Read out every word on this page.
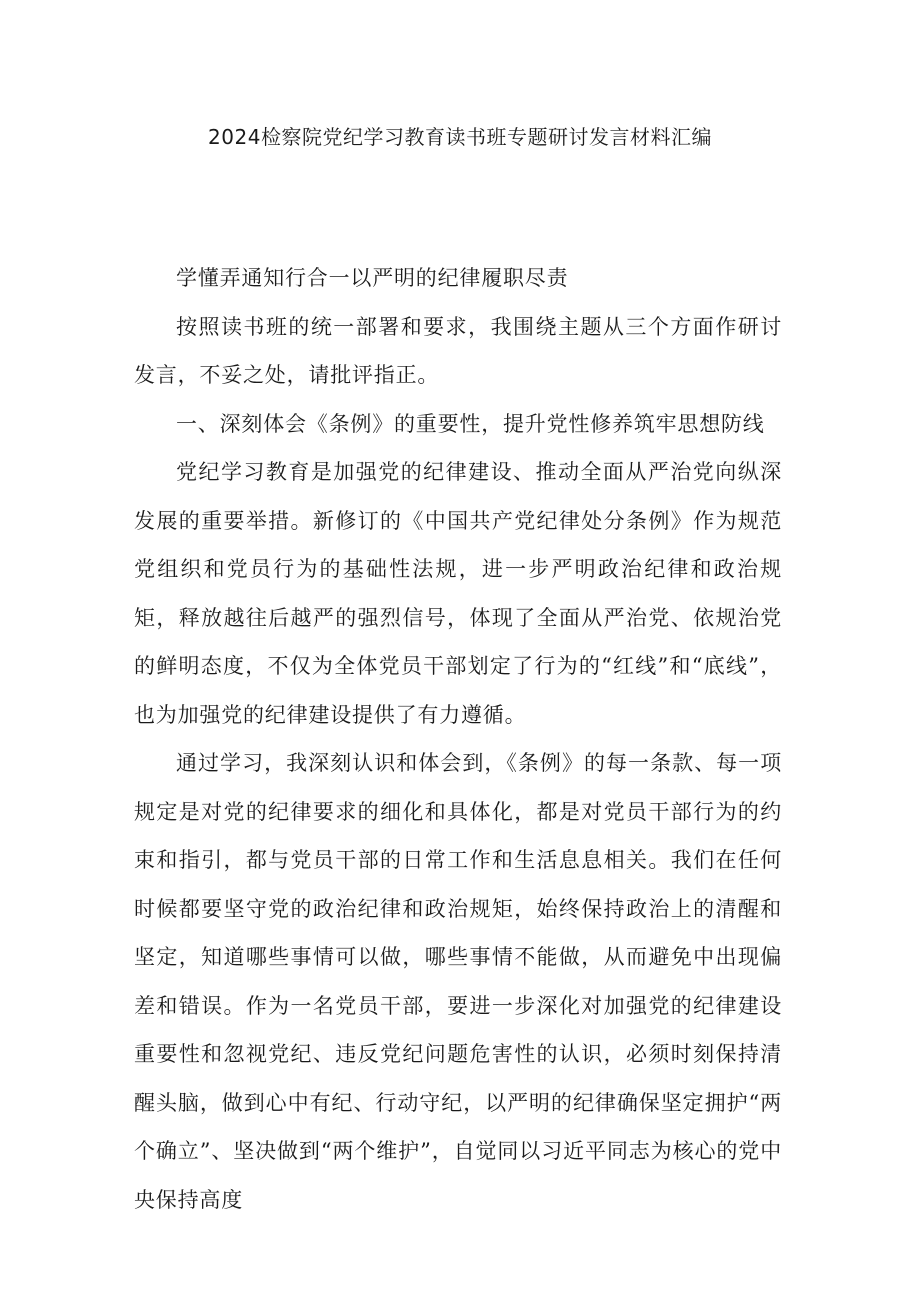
2024检察院党纪学习教育读书班专题研讨发言材料汇编

学懂弄通知行合一以严明的纪律履职尽责

按照读书班的统一部署和要求，我围绕主题从三个方面作研讨发言，不妥之处，请批评指正。

一、深刻体会《条例》的重要性，提升党性修养筑牢思想防线

党纪学习教育是加强党的纪律建设、推动全面从严治党向纵深发展的重要举措。新修订的《中国共产党纪律处分条例》作为规范党组织和党员行为的基础性法规，进一步严明政治纪律和政治规矩，释放越往后越严的强烈信号，体现了全面从严治党、依规治党的鲜明态度，不仅为全体党员干部划定了行为的“红线”和“底线”，也为加强党的纪律建设提供了有力遵循。

通过学习，我深刻认识和体会到，《条例》的每一条款、每一项规定是对党的纪律要求的细化和具体化，都是对党员干部行为的约束和指引，都与党员干部的日常工作和生活息息相关。我们在任何时候都要坚守党的政治纪律和政治规矩，始终保持政治上的清醒和坚定，知道哪些事情可以做，哪些事情不能做，从而避免中出现偏差和错误。作为一名党员干部，要进一步深化对加强党的纪律建设重要性和忽视党纪、违反党纪问题危害性的认识，必须时刻保持清醒头脑，做到心中有纪、行动守纪，以严明的纪律确保坚定拥护“两个确立”、坚决做到“两个维护”，自觉同以习近平同志为核心的党中央保持高度
